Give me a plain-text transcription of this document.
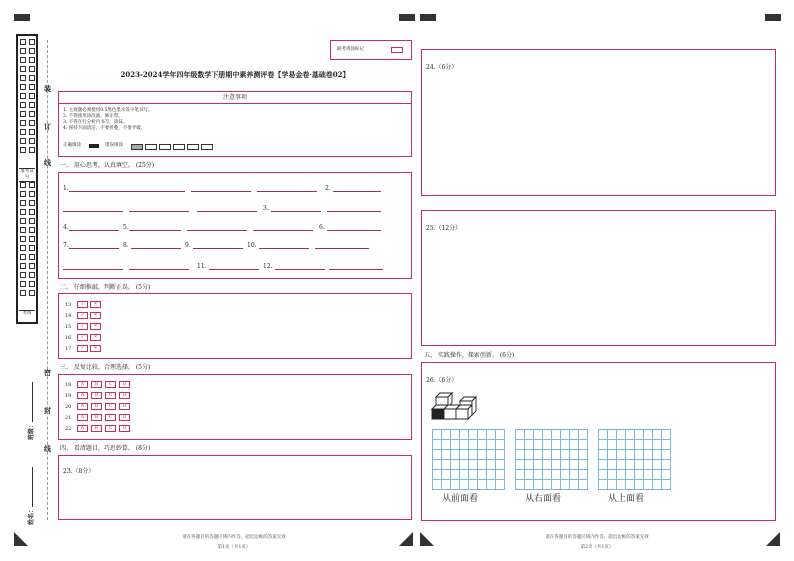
准考证号
考场
装
订
线
密
封
线
班级：
姓名：
缺考请涂标记
2023-2024学年四年级数学下册期中素养测评卷【学易金卷·基础卷02】
注意事项
1. 主观题必须使用0.5黑色墨水签字笔书写。
2. 不得使用涂改液、修正带。
3. 不得在行分析内书写，涂抹。
4. 保持卡面清洁，不要折叠，不要弄破。
正确填涂	错误填涂
一、 用心思考，认真填空。 (25分)
1.	2.
3.
4.	5.	6.
7.	8.	9.	10.
11.	12.
二、 仔细推敲，判断正误。 (5分)
13 ✓ ✕
14 ✓ ✕
15 ✓ ✕
16 ✓ ✕
17 ✓ ✕
三、 反复比较，合理选择。 (5分)
18 A B C D
19 A B C D
20 A B C D
21 A B C D
22 A B C D
四、 看清题目，巧思妙算。 (8分)
23.（8分）
请在各题目的答题区域内作答，超出边框的答案无效
第1页（共1页）
24.（6分）
25.（12分）
五、 实践操作，探索创新。 (6分)
26.（6分）
从前面看	从右面看	从上面看
请在各题目的答题区域内作答，超出边框的答案无效
第2页（共1页）
